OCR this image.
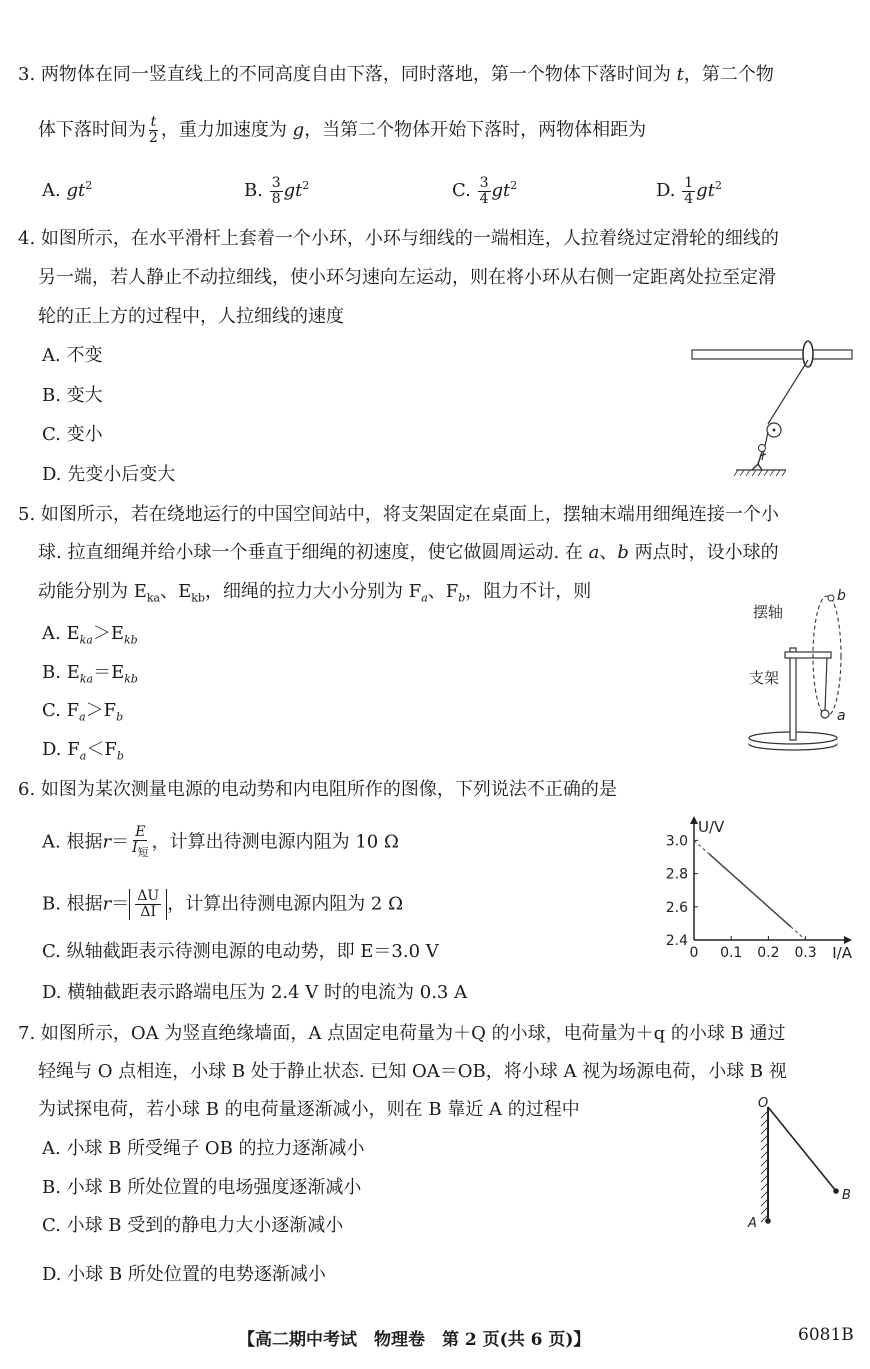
3. 两物体在同一竖直线上的不同高度自由下落，同时落地，第一个物体下落时间为 t，第二个物
体下落时间为 $\frac{t}{2}$ ，重力加速度为 g，当第二个物体开始下落时，两物体相距为
A. $gt^2$	B. $\frac{3}{8} gt^2$	C. $\frac{3}{4} gt^2$	D. $\frac{1}{4} gt^2$
4. 如图所示，在水平滑杆上套着一个小环，小环与细线的一端相连，人拉着绕过定滑轮的细线的
另一端，若人静止不动拉细线，使小环匀速向左运动，则在将小环从右侧一定距离处拉至定滑
轮的正上方的过程中，人拉细线的速度
A. 不变
B. 变大
C. 变小
D. 先变小后变大
5. 如图所示，若在绕地运行的中国空间站中，将支架固定在桌面上，摆轴末端用细绳连接一个小
球. 拉直细绳并给小球一个垂直于细绳的初速度，使它做圆周运动. 在 a、b 两点时，设小球的
动能分别为 $E_{ka}$、$E_{kb}$，细绳的拉力大小分别为 $F_a$、$F_b$，阻力不计，则
A. $E_{ka}>E_{kb}$
B. $E_{ka}=E_{kb}$
C. $F_a>F_b$
D. $F_a<F_b$
摆轴
支架
a
b
6. 如图为某次测量电源的电动势和内电阻所作的图像，下列说法不正确的是
A. 根据$r= \frac{E}{I_短}$ ，计算出待测电源内阻为 10 Ω
B. 根据$r= \frac{\Delta U}{\Delta I}$ ，计算出待测电源内阻为 2 Ω
C. 纵轴截距表示待测电源的电动势，即 E＝3.0 V
D. 横轴截距表示路端电压为 2.4 V 时的电流为 0.3 A
0 0.1 0.2 0.3
2.4
2.6
2.8
3.0
U/V
I/A
7. 如图所示，OA 为竖直绝缘墙面，A 点固定电荷量为＋Q 的小球，电荷量为＋q 的小球 B 通过
轻绳与 O 点相连，小球 B 处于静止状态. 已知 OA＝OB，将小球 A 视为场源电荷，小球 B 视
为试探电荷，若小球 B 的电荷量逐渐减小，则在 B 靠近 A 的过程中
A. 小球 B 所受绳子 OB 的拉力逐渐减小
B. 小球 B 所处位置的电场强度逐渐减小
C. 小球 B 受到的静电力大小逐渐减小
D. 小球 B 所处位置的电势逐渐减小
O
A
B
【高二期中考试　物理卷　第 2 页(共 6 页)】	6081B
